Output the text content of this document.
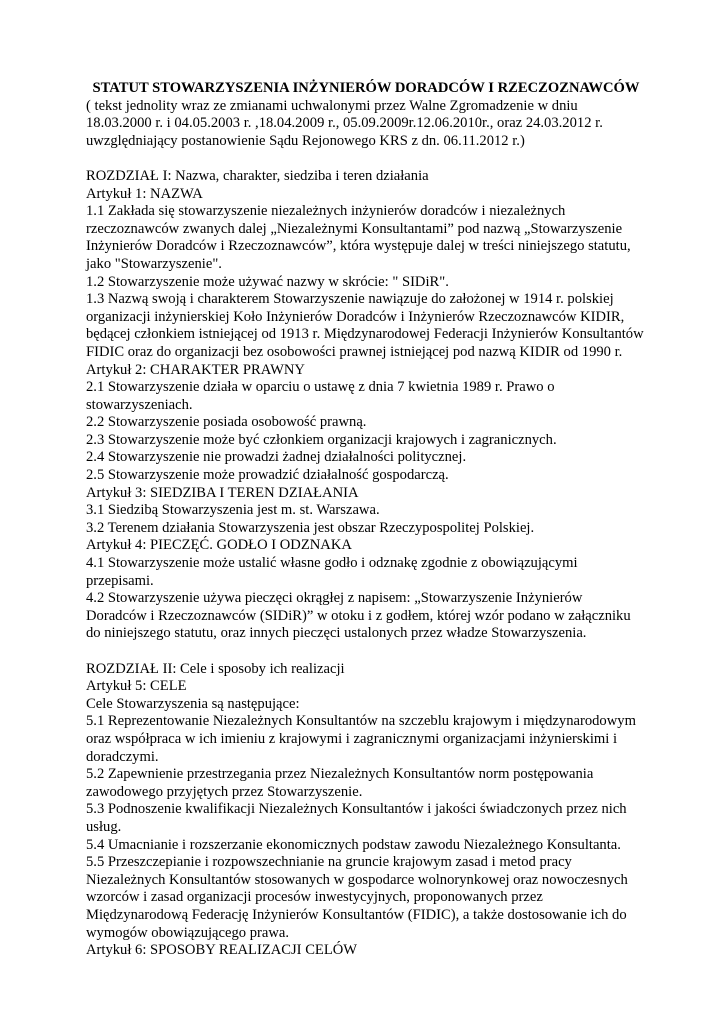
STATUT STOWARZYSZENIA INŻYNIERÓW DORADCÓW I RZECZOZNAWCÓW

( tekst jednolity wraz ze zmianami uchwalonymi przez Walne Zgromadzenie w dniu 18.03.2000 r. i 04.05.2003 r. ,18.04.2009 r., 05.09.2009r.12.06.2010r., oraz 24.03.2012 r. uwzględniający postanowienie Sądu Rejonowego KRS z dn. 06.11.2012 r.)

ROZDZIAŁ I: Nazwa, charakter, siedziba i teren działania

Artykuł 1: NAZWA

1.1 Zakłada się stowarzyszenie niezależnych inżynierów doradców i niezależnych rzeczoznawców zwanych dalej „Niezależnymi Konsultantami” pod nazwą „Stowarzyszenie Inżynierów Doradców i Rzeczoznawców”, która występuje dalej w treści niniejszego statutu, jako "Stowarzyszenie".

1.2 Stowarzyszenie może używać nazwy w skrócie: " SIDiR".

1.3 Nazwą swoją i charakterem Stowarzyszenie nawiązuje do założonej w 1914 r. polskiej organizacji inżynierskiej Koło Inżynierów Doradców i Inżynierów Rzeczoznawców KIDIR, będącej członkiem istniejącej od 1913 r. Międzynarodowej Federacji Inżynierów Konsultantów FIDIC oraz do organizacji bez osobowości prawnej istniejącej pod nazwą KIDIR od 1990 r.

Artykuł 2: CHARAKTER PRAWNY

2.1 Stowarzyszenie działa w oparciu o ustawę z dnia 7 kwietnia 1989 r. Prawo o stowarzyszeniach.

2.2 Stowarzyszenie posiada osobowość prawną.

2.3 Stowarzyszenie może być członkiem organizacji krajowych i zagranicznych.

2.4 Stowarzyszenie nie prowadzi żadnej działalności politycznej.

2.5 Stowarzyszenie może prowadzić działalność gospodarczą.

Artykuł 3: SIEDZIBA I TEREN DZIAŁANIA

3.1 Siedzibą Stowarzyszenia jest m. st. Warszawa.

3.2 Terenem działania Stowarzyszenia jest obszar Rzeczypospolitej Polskiej.

Artykuł 4: PIECZĘĆ. GODŁO I ODZNAKA

4.1 Stowarzyszenie może ustalić własne godło i odznakę zgodnie z obowiązującymi przepisami.

4.2 Stowarzyszenie używa pieczęci okrągłej z napisem: „Stowarzyszenie Inżynierów Doradców i Rzeczoznawców (SIDiR)” w otoku i z godłem, której wzór podano w załączniku do niniejszego statutu, oraz innych pieczęci ustalonych przez władze Stowarzyszenia.

ROZDZIAŁ II: Cele i sposoby ich realizacji

Artykuł 5: CELE

Cele Stowarzyszenia są następujące:

5.1 Reprezentowanie Niezależnych Konsultantów na szczeblu krajowym i międzynarodowym oraz współpraca w ich imieniu z krajowymi i zagranicznymi organizacjami inżynierskimi i doradczymi.

5.2 Zapewnienie przestrzegania przez Niezależnych Konsultantów norm postępowania zawodowego przyjętych przez Stowarzyszenie.

5.3 Podnoszenie kwalifikacji Niezależnych Konsultantów i jakości świadczonych przez nich usług.

5.4 Umacnianie i rozszerzanie ekonomicznych podstaw zawodu Niezależnego Konsultanta.

5.5 Przeszczepianie i rozpowszechnianie na gruncie krajowym zasad i metod pracy Niezależnych Konsultantów stosowanych w gospodarce wolnorynkowej oraz nowoczesnych wzorców i zasad organizacji procesów inwestycyjnych, proponowanych przez Międzynarodową Federację Inżynierów Konsultantów (FIDIC), a także dostosowanie ich do wymogów obowiązującego prawa.

Artykuł 6: SPOSOBY REALIZACJI CELÓW
